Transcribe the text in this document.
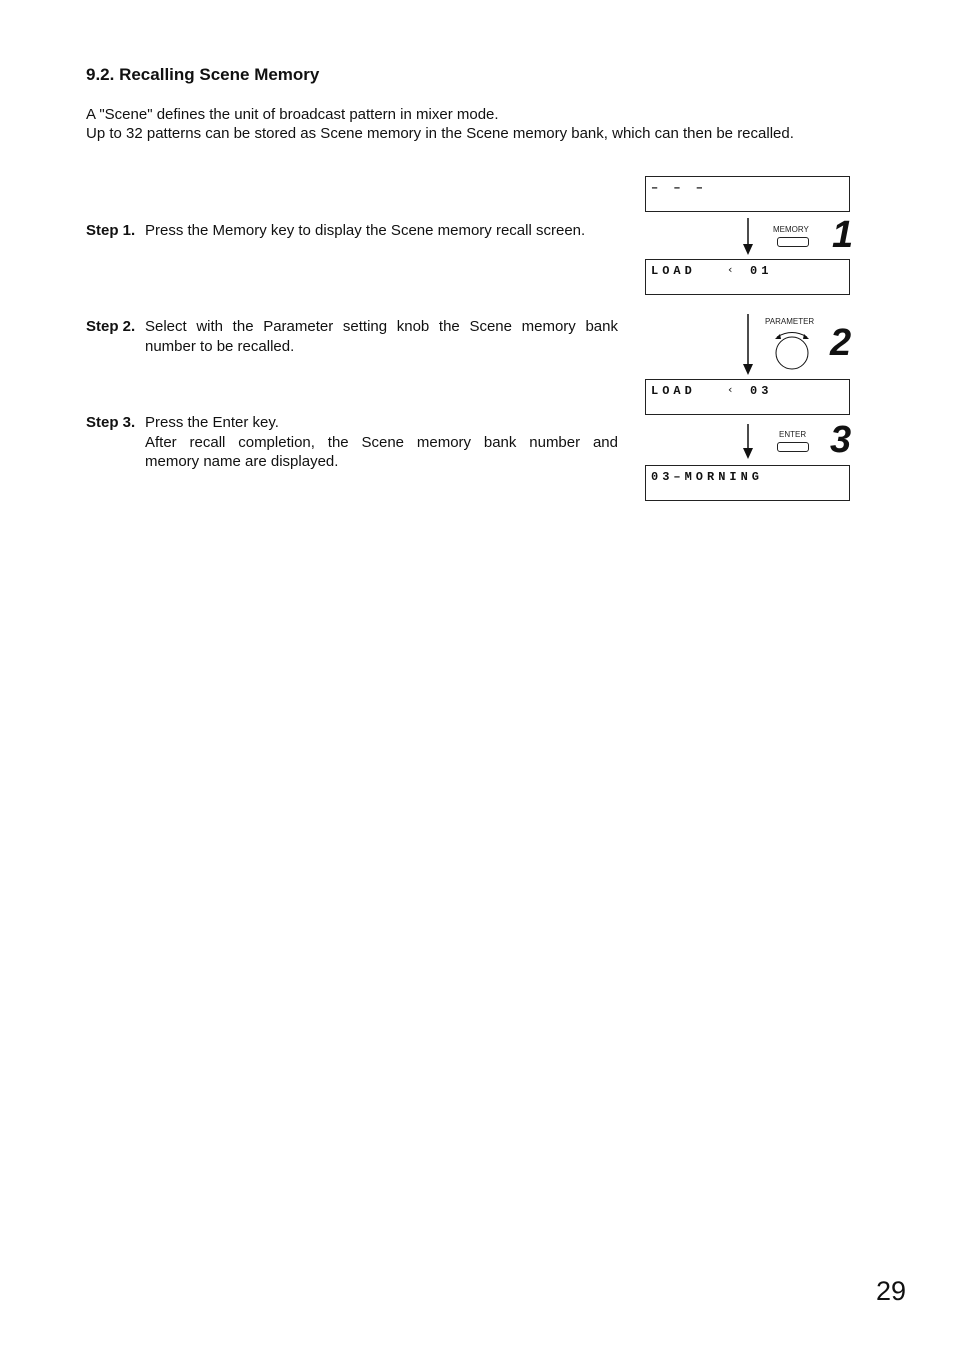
9.2. Recalling Scene Memory
A "Scene" defines the unit of broadcast pattern in mixer mode.
Up to 32 patterns can be stored as Scene memory in the Scene memory bank, which can then be recalled.
Step 1. Press the Memory key to display the Scene memory recall screen.
Step 2. Select with the Parameter setting knob the Scene memory bank
number to be recalled.
Step 3. Press the Enter key.
After recall completion, the Scene memory bank number and
memory name are displayed.

– – –

LOAD

	‹

01

LOAD

	‹

03

03–MORNING

MEMORY 1
PARAMETER
2
ENTER 3
29
